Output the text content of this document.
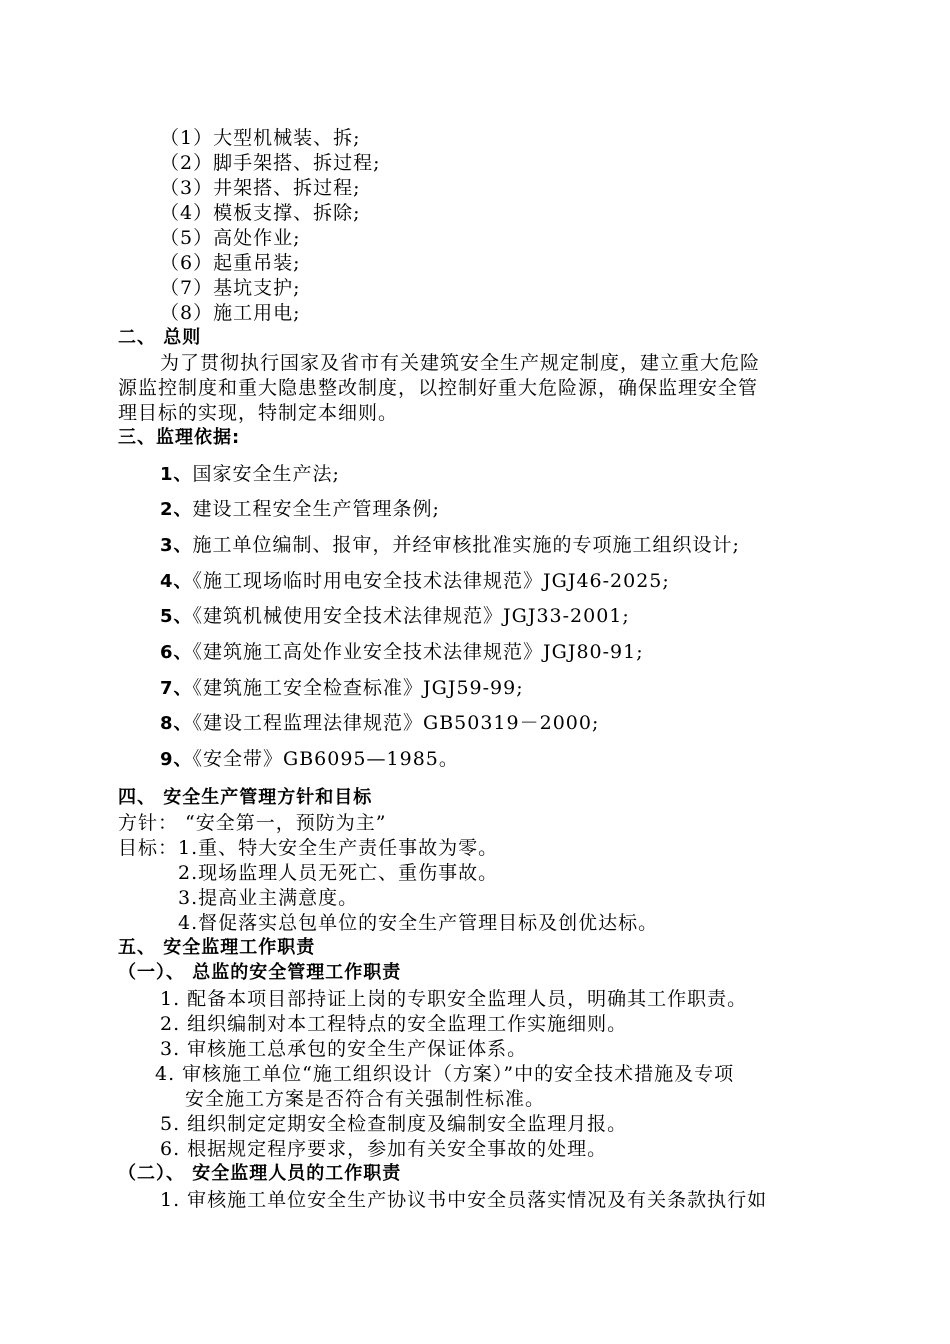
（1）大型机械装、拆;
（2）脚手架搭、拆过程;
（3）井架搭、拆过程;
（4）模板支撑、拆除;
（5）高处作业;
（6）起重吊装;
（7）基坑支护;
（8）施工用电;
二、 总则
为了贯彻执行国家及省市有关建筑安全生产规定制度，建立重大危险
源监控制度和重大隐患整改制度，以控制好重大危险源，确保监理安全管
理目标的实现，特制定本细则。
三、监理依据:
1、国家安全生产法;
2、建设工程安全生产管理条例;
3、施工单位编制、报审，并经审核批准实施的专项施工组织设计;
4、《施工现场临时用电安全技术法律规范》JGJ46-2025;
5、《建筑机械使用安全技术法律规范》JGJ33-2001;
6、《建筑施工高处作业安全技术法律规范》JGJ80-91;
7、《建筑施工安全检查标准》JGJ59-99;
8、《建设工程监理法律规范》GB50319－2000;
9、《安全带》GB6095—1985。
四、 安全生产管理方针和目标
方针： “安全第一，预防为主”
目标：1.重、特大安全生产责任事故为零。
2.现场监理人员无死亡、重伤事故。
3.提高业主满意度。
4.督促落实总包单位的安全生产管理目标及创优达标。
五、 安全监理工作职责
（一）、 总监的安全管理工作职责
1. 配备本项目部持证上岗的专职安全监理人员，明确其工作职责。
2. 组织编制对本工程特点的安全监理工作实施细则。
3. 审核施工总承包的安全生产保证体系。
4. 审核施工单位“施工组织设计（方案）”中的安全技术措施及专项
安全施工方案是否符合有关强制性标准。
5. 组织制定定期安全检查制度及编制安全监理月报。
6. 根据规定程序要求，参加有关安全事故的处理。
（二）、 安全监理人员的工作职责
1. 审核施工单位安全生产协议书中安全员落实情况及有关条款执行如
